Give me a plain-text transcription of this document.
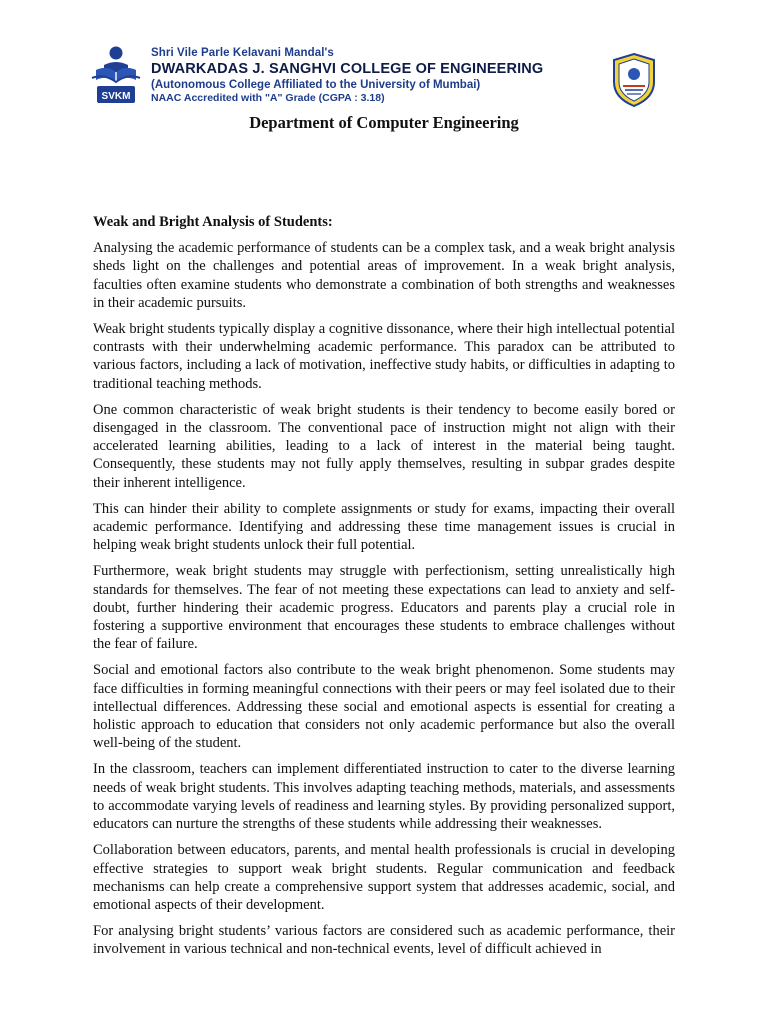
SVKM
Shri Vile Parle Kelavani Mandal's
DWARKADAS J. SANGHVI COLLEGE OF ENGINEERING
(Autonomous College Affiliated to the University of Mumbai)
NAAC Accredited with "A" Grade (CGPA : 3.18)
Department of Computer Engineering
Weak and Bright Analysis of Students:

Analysing the academic performance of students can be a complex task, and a weak bright analysis sheds light on the challenges and potential areas of improvement. In a weak bright analysis, faculties often examine students who demonstrate a combination of both strengths and weaknesses in their academic pursuits.

Weak bright students typically display a cognitive dissonance, where their high intellectual potential contrasts with their underwhelming academic performance. This paradox can be attributed to various factors, including a lack of motivation, ineffective study habits, or difficulties in adapting to traditional teaching methods.

One common characteristic of weak bright students is their tendency to become easily bored or disengaged in the classroom. The conventional pace of instruction might not align with their accelerated learning abilities, leading to a lack of interest in the material being taught. Consequently, these students may not fully apply themselves, resulting in subpar grades despite their inherent intelligence.

This can hinder their ability to complete assignments or study for exams, impacting their overall academic performance. Identifying and addressing these time management issues is crucial in helping weak bright students unlock their full potential.

Furthermore, weak bright students may struggle with perfectionism, setting unrealistically high standards for themselves. The fear of not meeting these expectations can lead to anxiety and self-doubt, further hindering their academic progress. Educators and parents play a crucial role in fostering a supportive environment that encourages these students to embrace challenges without the fear of failure.

Social and emotional factors also contribute to the weak bright phenomenon. Some students may face difficulties in forming meaningful connections with their peers or may feel isolated due to their intellectual differences. Addressing these social and emotional aspects is essential for creating a holistic approach to education that considers not only academic performance but also the overall well-being of the student.

In the classroom, teachers can implement differentiated instruction to cater to the diverse learning needs of weak bright students. This involves adapting teaching methods, materials, and assessments to accommodate varying levels of readiness and learning styles. By providing personalized support, educators can nurture the strengths of these students while addressing their weaknesses.

Collaboration between educators, parents, and mental health professionals is crucial in developing effective strategies to support weak bright students. Regular communication and feedback mechanisms can help create a comprehensive support system that addresses academic, social, and emotional aspects of their development.

For analysing bright students’ various factors are considered such as academic performance, their involvement in various technical and non-technical events, level of difficult achieved in
